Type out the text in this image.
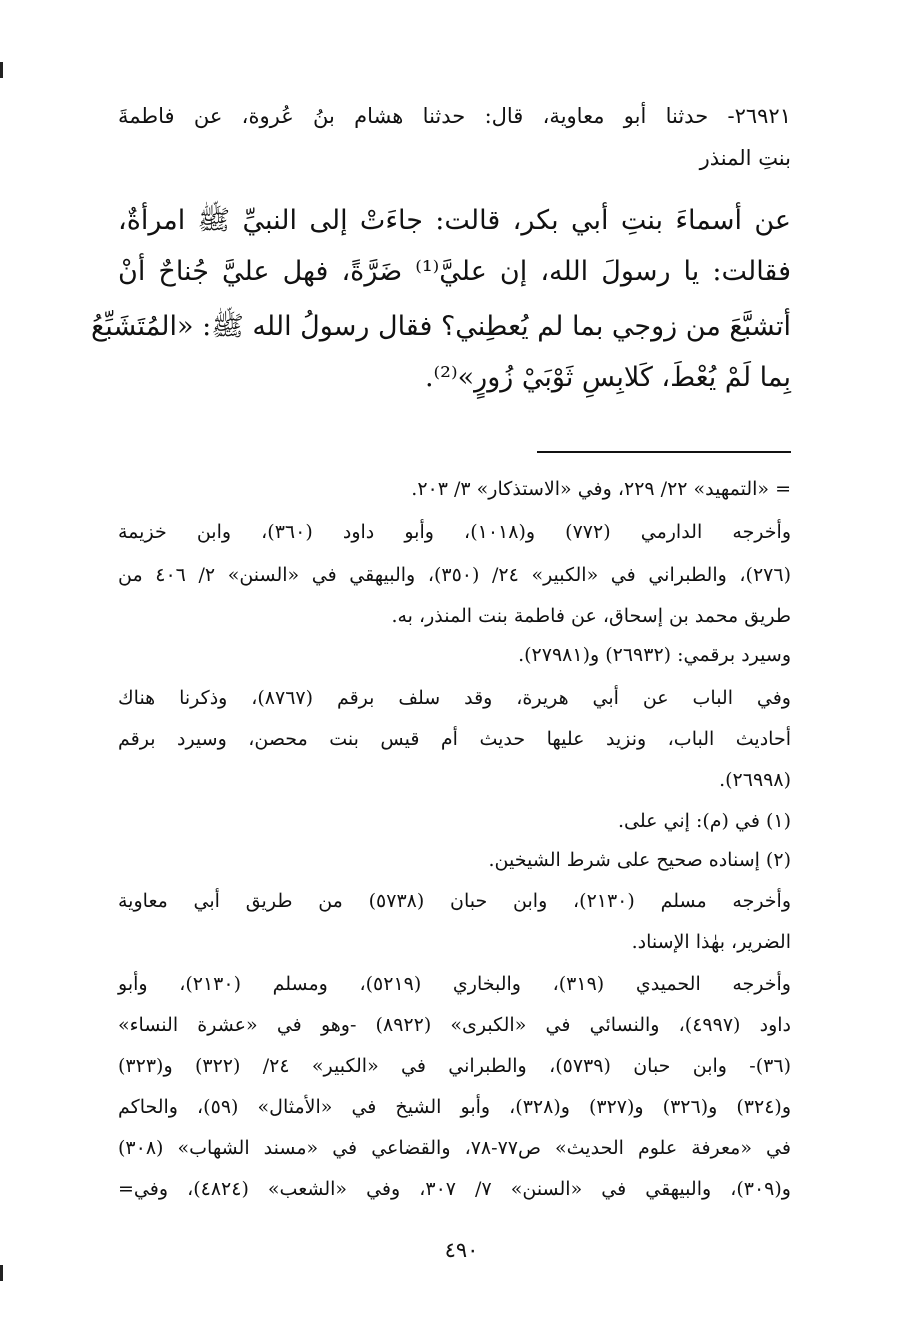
٢٦٩٢١- حدثنا أبو معاوية، قال: حدثنا هشام بنُ عُروة، عن فاطمةَ
بنتِ المنذر
عن أسماءَ بنتِ أبي بكر، قالت: جاءَتْ إلى النبيِّ ﷺ امرأةٌ،
فقالت: يا رسولَ الله، إن عليَّ⁽¹⁾ ضَرَّةً، فهل عليَّ جُناحٌ أنْ
أتشبَّعَ من زوجي بما لم يُعطِني؟ فقال رسولُ الله ﷺ: «المُتَشَبِّعُ
بِما لَمْ يُعْطَ، كَلابِسِ ثَوْبَيْ زُورٍ»⁽²⁾.
= «التمهيد» ٢٢/ ٢٢٩، وفي «الاستذكار» ٣/ ٢٠٣.
وأخرجه الدارمي (٧٧٢) و(١٠١٨)، وأبو داود (٣٦٠)، وابن خزيمة
(٢٧٦)، والطبراني في «الكبير» ٢٤/ (٣٥٠)، والبيهقي في «السنن» ٢/ ٤٠٦ من
طريق محمد بن إسحاق، عن فاطمة بنت المنذر، به.
وسيرد برقمي: (٢٦٩٣٢) و(٢٧٩٨١).
وفي الباب عن أبي هريرة، وقد سلف برقم (٨٧٦٧)، وذكرنا هناك
أحاديث الباب، ونزيد عليها حديث أم قيس بنت محصن، وسيرد برقم
(٢٦٩٩٨).
(١) في (م): إني على.
(٢) إسناده صحيح على شرط الشيخين.
وأخرجه مسلم (٢١٣٠)، وابن حبان (٥٧٣٨) من طريق أبي معاوية
الضرير، بهٰذا الإسناد.
وأخرجه الحميدي (٣١٩)، والبخاري (٥٢١٩)، ومسلم (٢١٣٠)، وأبو
داود (٤٩٩٧)، والنسائي في «الكبرى» (٨٩٢٢) -وهو في «عشرة النساء»
(٣٦)- وابن حبان (٥٧٣٩)، والطبراني في «الكبير» ٢٤/ (٣٢٢) و(٣٢٣)
و(٣٢٤) و(٣٢٦) و(٣٢٧) و(٣٢٨)، وأبو الشيخ في «الأمثال» (٥٩)، والحاكم
في «معرفة علوم الحديث» ص٧٧-٧٨، والقضاعي في «مسند الشهاب» (٣٠٨)
و(٣٠٩)، والبيهقي في «السنن» ٧/ ٣٠٧، وفي «الشعب» (٤٨٢٤)، وفي=
٤٩٠
